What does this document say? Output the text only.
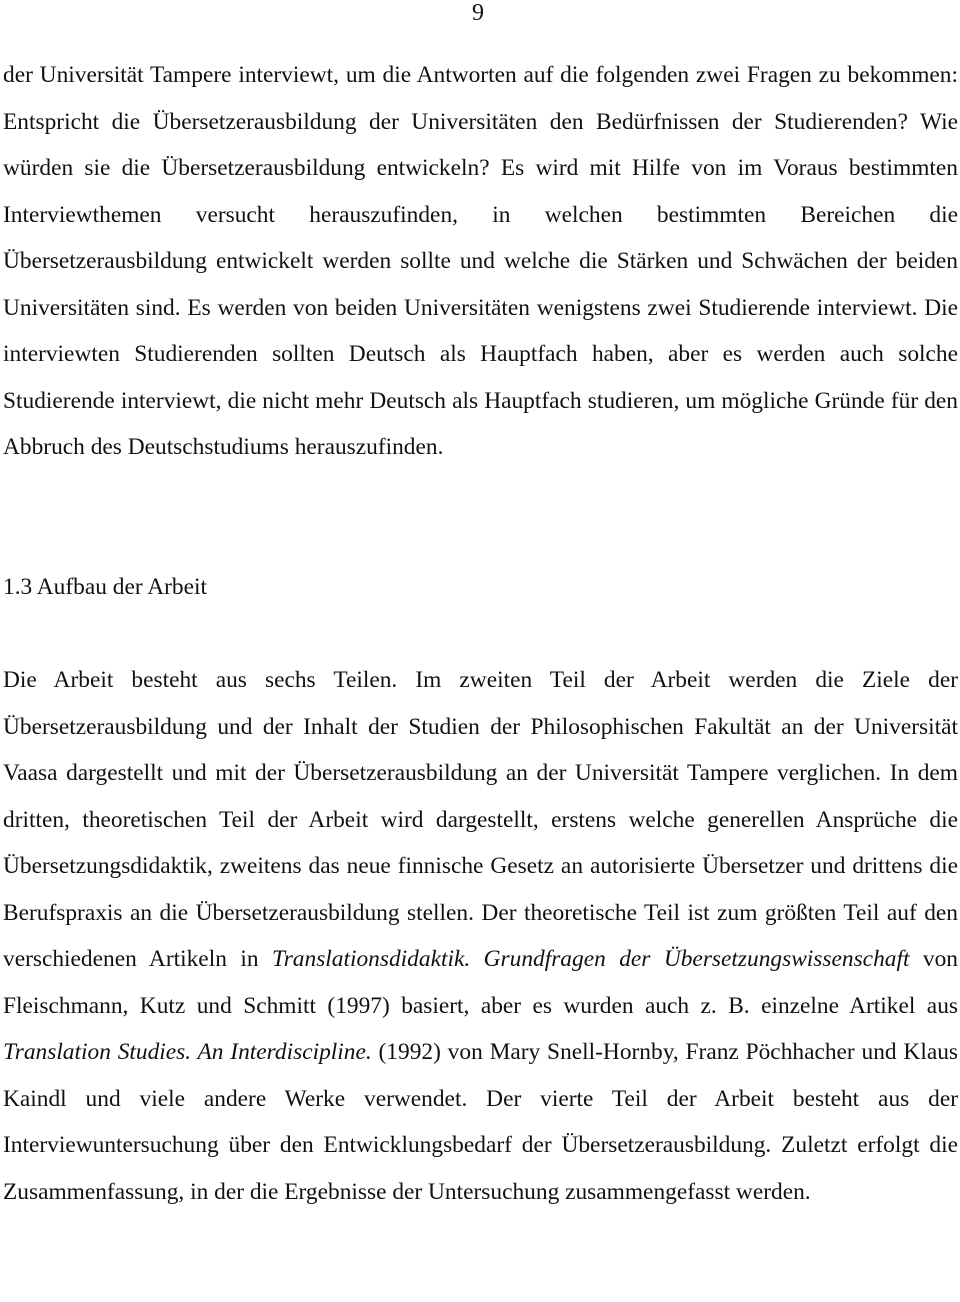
9

der Universität Tampere interviewt, um die Antworten auf die folgenden zwei Fragen zu bekommen: Entspricht die Übersetzerausbildung der Universitäten den Bedürfnissen der Studierenden? Wie würden sie die Übersetzerausbildung entwickeln? Es wird mit Hilfe von im Voraus bestimmten Interviewthemen versucht herauszufinden, in welchen bestimmten Bereichen die Übersetzerausbildung entwickelt werden sollte und welche die Stärken und Schwächen der beiden Universitäten sind. Es werden von beiden Universitäten wenigstens zwei Studierende interviewt. Die interviewten Studierenden sollten Deutsch als Hauptfach haben, aber es werden auch solche Studierende interviewt, die nicht mehr Deutsch als Hauptfach studieren, um mögliche Gründe für den Abbruch des Deutschstudiums herauszufinden.

1.3 Aufbau der Arbeit

Die Arbeit besteht aus sechs Teilen. Im zweiten Teil der Arbeit werden die Ziele der Übersetzerausbildung und der Inhalt der Studien der Philosophischen Fakultät an der Universität Vaasa dargestellt und mit der Übersetzerausbildung an der Universität Tampere verglichen. In dem dritten, theoretischen Teil der Arbeit wird dargestellt, erstens welche generellen Ansprüche die Übersetzungsdidaktik, zweitens das neue finnische Gesetz an autorisierte Übersetzer und drittens die Berufspraxis an die Übersetzerausbildung stellen. Der theoretische Teil ist zum größten Teil auf den verschiedenen Artikeln in Translationsdidaktik. Grundfragen der Übersetzungswissenschaft von Fleischmann, Kutz und Schmitt (1997) basiert, aber es wurden auch z. B. einzelne Artikel aus Translation Studies. An Interdiscipline. (1992) von Mary Snell-Hornby, Franz Pöchhacher und Klaus Kaindl und viele andere Werke verwendet. Der vierte Teil der Arbeit besteht aus der Interviewuntersuchung über den Entwicklungsbedarf der Übersetzerausbildung. Zuletzt erfolgt die Zusammenfassung, in der die Ergebnisse der Untersuchung zusammengefasst werden.
